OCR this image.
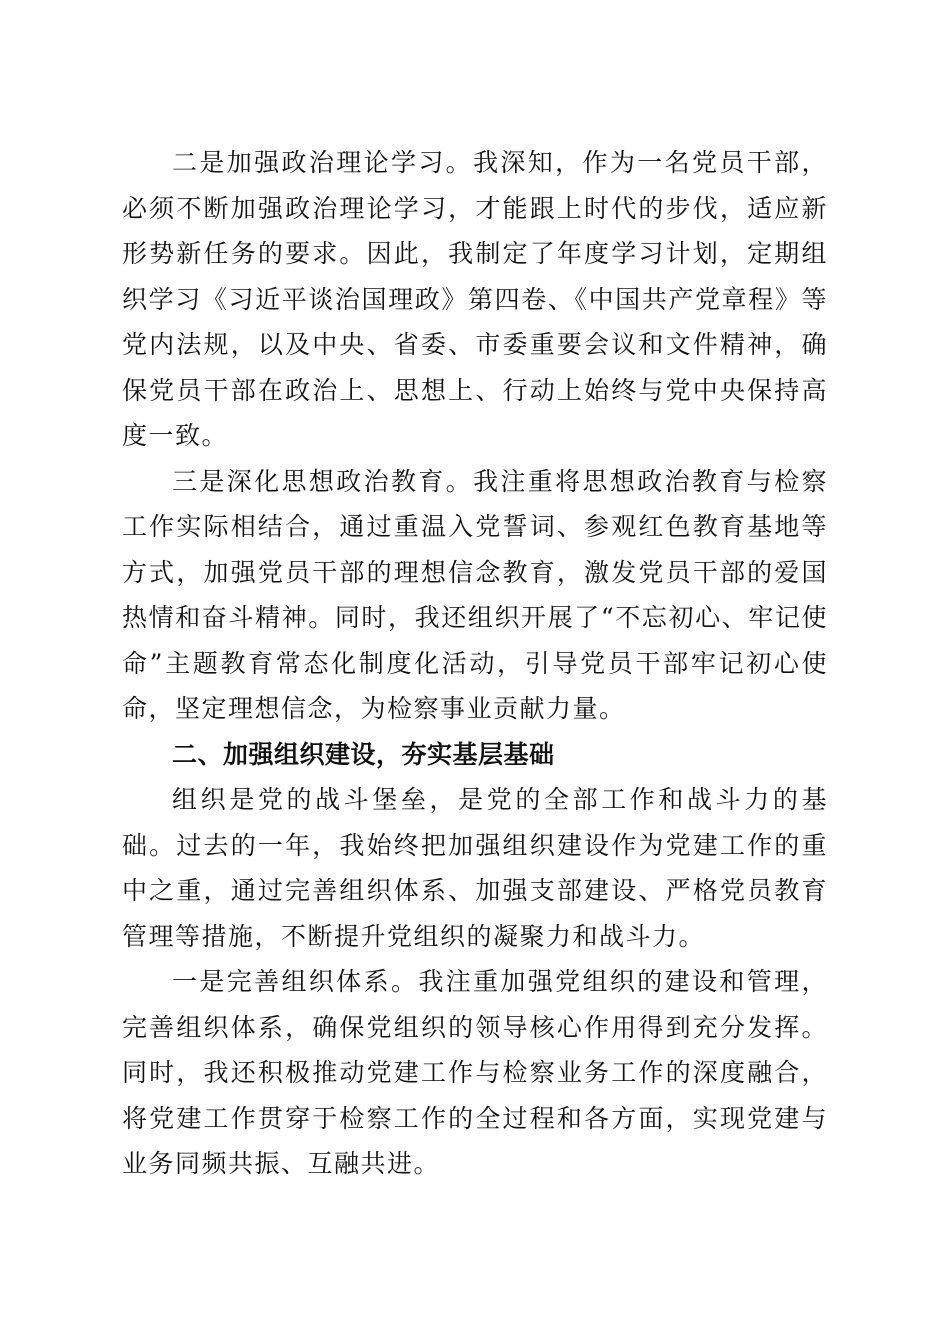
二是加强政治理论学习。我深知，作为一名党员干部，必须不断加强政治理论学习，才能跟上时代的步伐，适应新形势新任务的要求。因此，我制定了年度学习计划，定期组织学习《习近平谈治国理政》第四卷、《中国共产党章程》等党内法规，以及中央、省委、市委重要会议和文件精神，确保党员干部在政治上、思想上、行动上始终与党中央保持高度一致。

三是深化思想政治教育。我注重将思想政治教育与检察工作实际相结合，通过重温入党誓词、参观红色教育基地等方式，加强党员干部的理想信念教育，激发党员干部的爱国热情和奋斗精神。同时，我还组织开展了“不忘初心、牢记使命”主题教育常态化制度化活动，引导党员干部牢记初心使命，坚定理想信念，为检察事业贡献力量。

二、加强组织建设，夯实基层基础

组织是党的战斗堡垒，是党的全部工作和战斗力的基础。过去的一年，我始终把加强组织建设作为党建工作的重中之重，通过完善组织体系、加强支部建设、严格党员教育管理等措施，不断提升党组织的凝聚力和战斗力。

一是完善组织体系。我注重加强党组织的建设和管理，完善组织体系，确保党组织的领导核心作用得到充分发挥。同时，我还积极推动党建工作与检察业务工作的深度融合，将党建工作贯穿于检察工作的全过程和各方面，实现党建与业务同频共振、互融共进。
